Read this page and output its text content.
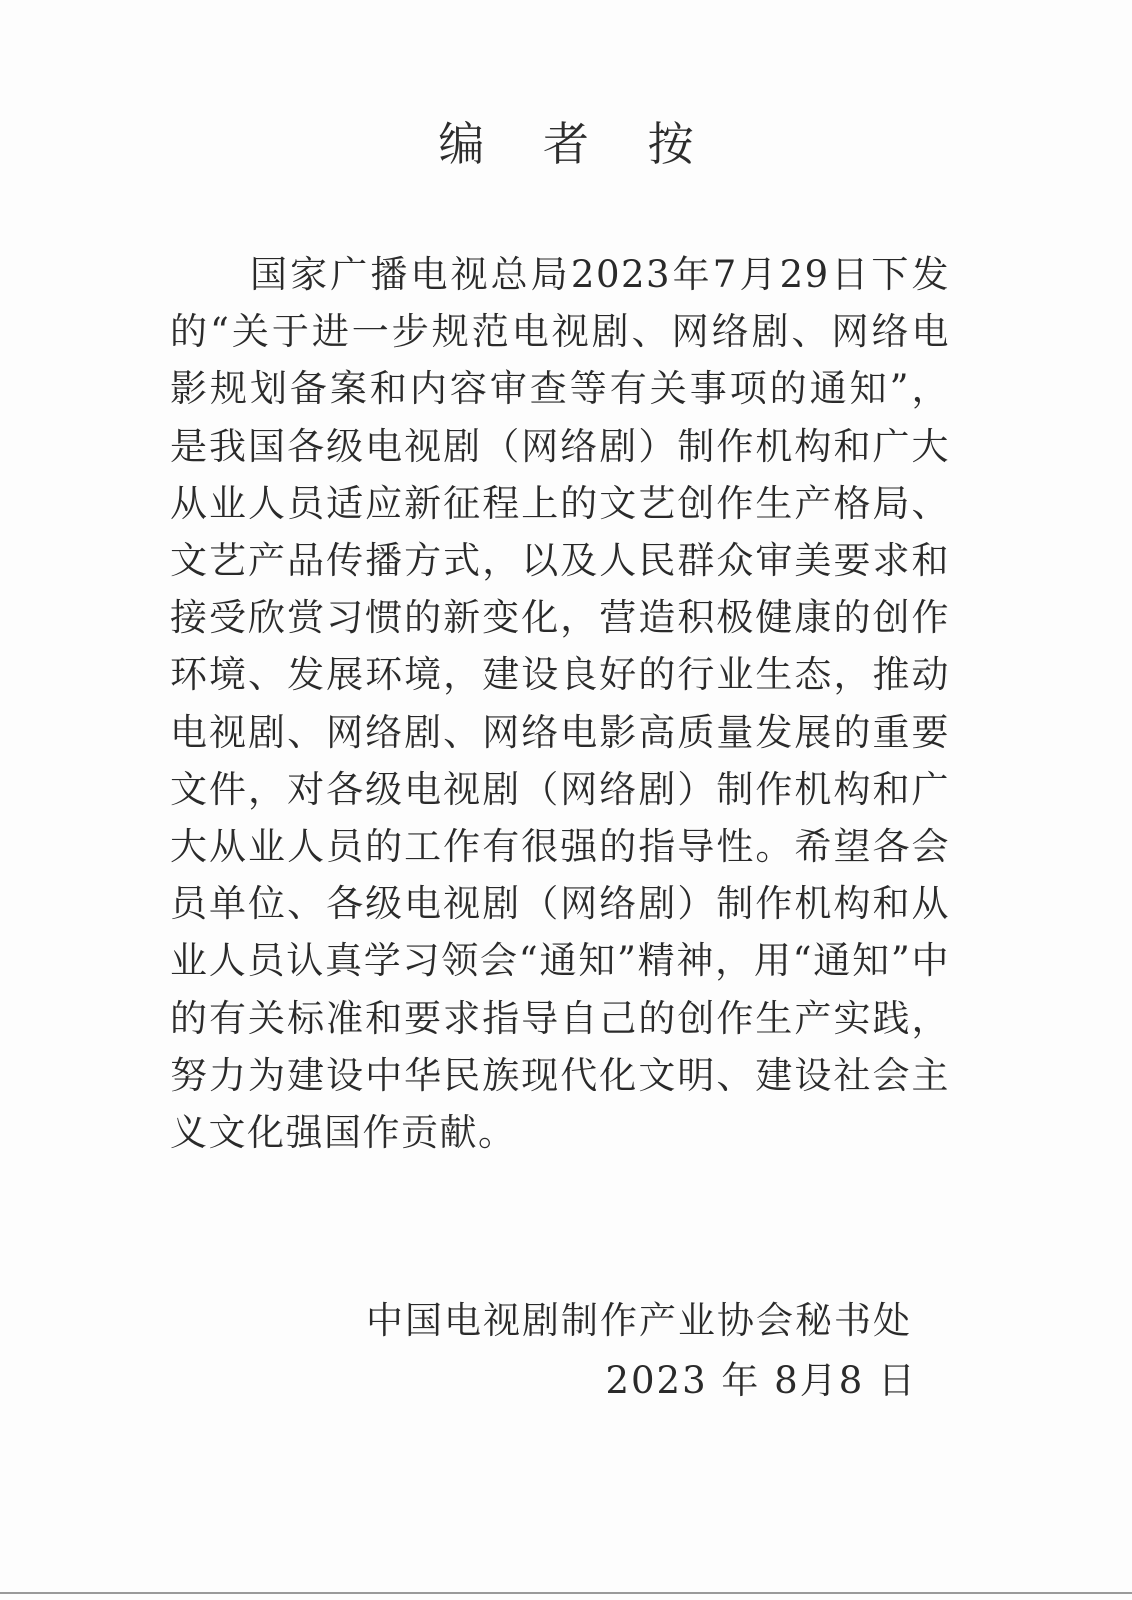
编 者 按

国家广播电视总局2023年7月29日下发的“关于进一步规范电视剧、网络剧、网络电影规划备案和内容审查等有关事项的通知”，是我国各级电视剧（网络剧）制作机构和广大从业人员适应新征程上的文艺创作生产格局、文艺产品传播方式，以及人民群众审美要求和接受欣赏习惯的新变化，营造积极健康的创作环境、发展环境，建设良好的行业生态，推动电视剧、网络剧、网络电影高质量发展的重要文件，对各级电视剧（网络剧）制作机构和广大从业人员的工作有很强的指导性。希望各会员单位、各级电视剧（网络剧）制作机构和从业人员认真学习领会“通知”精神，用“通知”中的有关标准和要求指导自己的创作生产实践，努力为建设中华民族现代化文明、建设社会主义文化强国作贡献。

中国电视剧制作产业协会秘书处
2023 年 8月8 日
